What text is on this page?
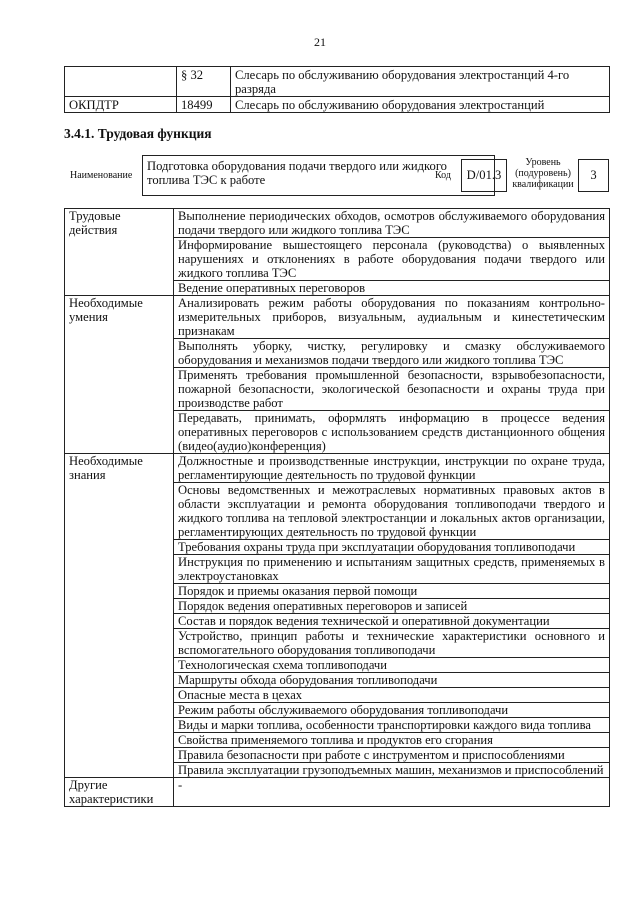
21
	§ 32	Слесарь по обслуживанию оборудования электростанций 4-го разряда
ОКПДТР	18499	Слесарь по обслуживанию оборудования электростанций
3.4.1. Трудовая функция
Наименование
Подготовка оборудования подачи твердого или жидкого топлива ТЭС к работе	Код	D/01.3
Уровень
(подуровень)
квалификации
3
Трудовые действия	Выполнение периодических обходов, осмотров обслуживаемого оборудования подачи твердого или жидкого топлива ТЭС
	Информирование вышестоящего персонала (руководства) о выявленных нарушениях и отклонениях в работе оборудования подачи твердого или жидкого топлива ТЭС
	Ведение оперативных переговоров
Необходимые умения	Анализировать режим работы оборудования по показаниям контрольно-измерительных приборов, визуальным, аудиальным и кинестетическим признакам
	Выполнять уборку, чистку, регулировку и смазку обслуживаемого оборудования и механизмов подачи твердого или жидкого топлива ТЭС
	Применять требования промышленной безопасности, взрывобезопасности, пожарной безопасности, экологической безопасности и охраны труда при производстве работ
	Передавать, принимать, оформлять информацию в процессе ведения оперативных переговоров с использованием средств дистанционного общения (видео(аудио)конференция)
Необходимые знания	Должностные и производственные инструкции, инструкции по охране труда, регламентирующие деятельность по трудовой функции
	Основы ведомственных и межотраслевых нормативных правовых актов в области эксплуатации и ремонта оборудования топливоподачи твердого и жидкого топлива на тепловой электростанции и локальных актов организации, регламентирующих деятельность по трудовой функции
	Требования охраны труда при эксплуатации оборудования топливоподачи
	Инструкция по применению и испытаниям защитных средств, применяемых в электроустановках
	Порядок и приемы оказания первой помощи
	Порядок ведения оперативных переговоров и записей
	Состав и порядок ведения технической и оперативной документации
	Устройство, принцип работы и технические характеристики основного и вспомогательного оборудования топливоподачи
	Технологическая схема топливоподачи
	Маршруты обхода оборудования топливоподачи
	Опасные места в цехах
	Режим работы обслуживаемого оборудования топливоподачи
	Виды и марки топлива, особенности транспортировки каждого вида топлива
	Свойства применяемого топлива и продуктов его сгорания
	Правила безопасности при работе с инструментом и приспособлениями
	Правила эксплуатации грузоподъемных машин, механизмов и приспособлений
Другие характеристики	-
